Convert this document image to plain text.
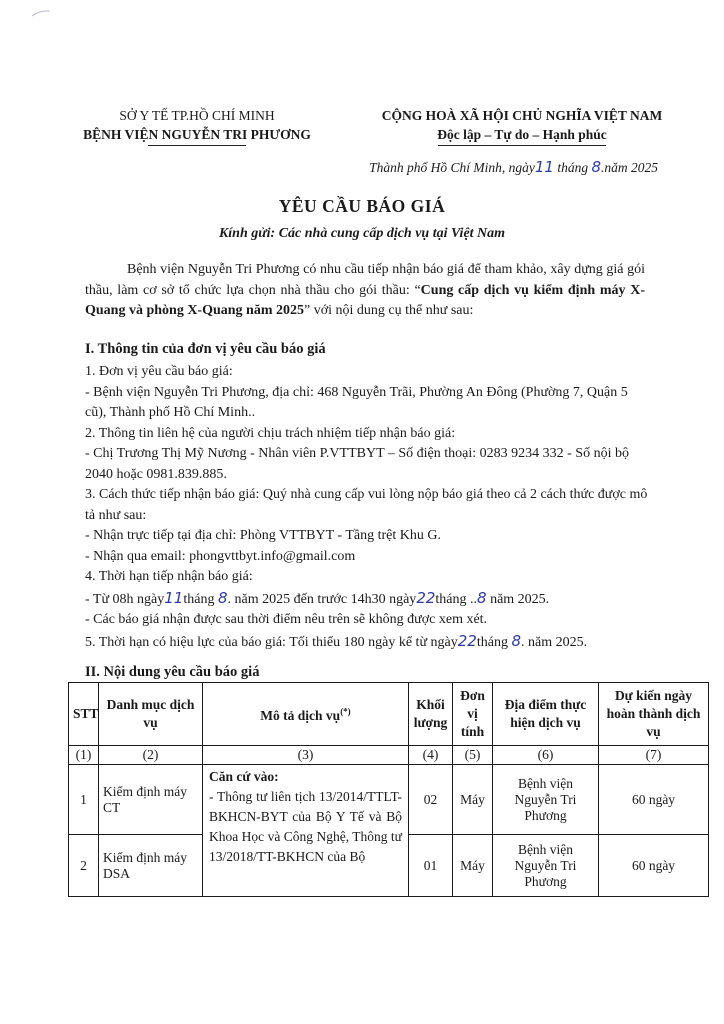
SỞ Y TẾ TP.HỒ CHÍ MINH
BỆNH VIỆN NGUYỄN TRI PHƯƠNG
CỘNG HOÀ XÃ HỘI CHỦ NGHĨA VIỆT NAM
Độc lập – Tự do – Hạnh phúc
Thành phố Hồ Chí Minh, ngày11 tháng 8.năm 2025
YÊU CẦU BÁO GIÁ
Kính gửi: Các nhà cung cấp dịch vụ tại Việt Nam
Bệnh viện Nguyễn Tri Phương có nhu cầu tiếp nhận báo giá để tham khảo, xây dựng giá gói thầu, làm cơ sở tổ chức lựa chọn nhà thầu cho gói thầu: “Cung cấp dịch vụ kiểm định máy X-Quang và phòng X-Quang năm 2025” với nội dung cụ thể như sau:
I. Thông tin của đơn vị yêu cầu báo giá
1. Đơn vị yêu cầu báo giá:
- Bệnh viện Nguyễn Tri Phương, địa chỉ: 468 Nguyễn Trãi, Phường An Đông (Phường 7, Quận 5 cũ), Thành phố Hồ Chí Minh..
2. Thông tin liên hệ của người chịu trách nhiệm tiếp nhận báo giá:
- Chị Trương Thị Mỹ Nương - Nhân viên P.VTTBYT – Số điện thoại: 0283 9234 332 - Số nội bộ 2040 hoặc 0981.839.885.
3. Cách thức tiếp nhận báo giá: Quý nhà cung cấp vui lòng nộp báo giá theo cả 2 cách thức được mô tả như sau:
- Nhận trực tiếp tại địa chỉ: Phòng VTTBYT - Tầng trệt Khu G.
- Nhận qua email: phongvttbyt.info@gmail.com
4. Thời hạn tiếp nhận báo giá:
- Từ 08h ngày11tháng 8. năm 2025 đến trước 14h30 ngày22tháng ..8 năm 2025.
- Các báo giá nhận được sau thời điểm nêu trên sẽ không được xem xét.
5. Thời hạn có hiệu lực của báo giá: Tối thiểu 180 ngày kể từ ngày22tháng 8. năm 2025.
II. Nội dung yêu cầu báo giá
STT	Danh mục dịch vụ	Mô tả dịch vụ(*)	Khối lượng	Đơn vị tính	Địa điểm thực hiện dịch vụ	Dự kiến ngày hoàn thành dịch vụ
(1)	(2)	(3)	(4)	(5)	(6)	(7)
1	Kiểm định máy CT	Căn cứ vào:
- Thông tư liên tịch 13/2014/TTLT-BKHCN-BYT của Bộ Y Tế và Bộ Khoa Học và Công Nghệ, Thông tư 13/2018/TT-BKHCN của Bộ	02	Máy	Bệnh viện Nguyễn Tri Phương	60 ngày
2	Kiểm định máy DSA		01	Máy	Bệnh viện Nguyễn Tri Phương	60 ngày
